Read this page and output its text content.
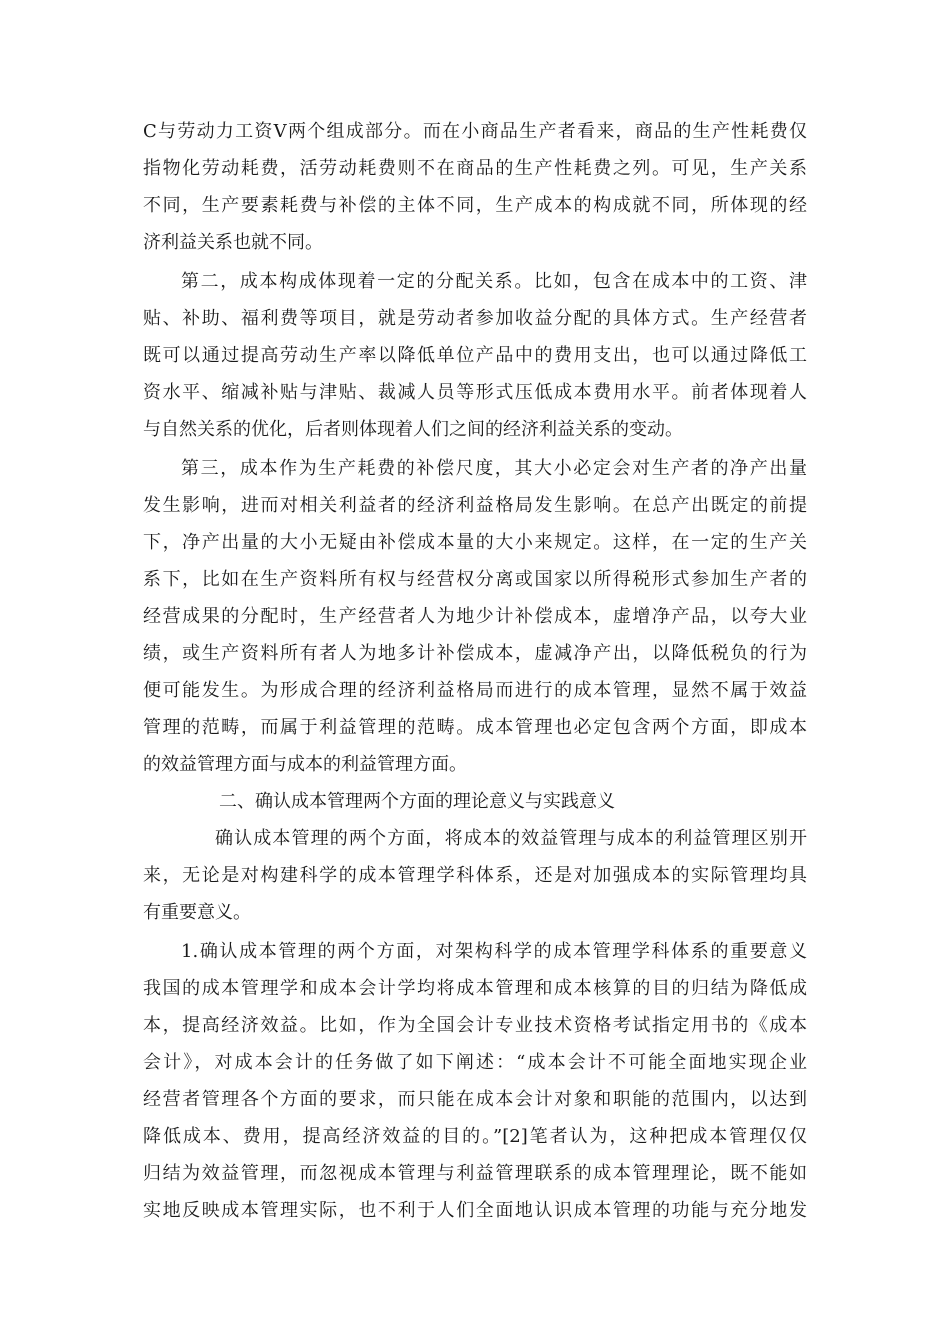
C与劳动力工资V两个组成部分。而在小商品生产者看来，商品的生产性耗费仅
指物化劳动耗费，活劳动耗费则不在商品的生产性耗费之列。可见，生产关系
不同，生产要素耗费与补偿的主体不同，生产成本的构成就不同，所体现的经
济利益关系也就不同。
第二，成本构成体现着一定的分配关系。比如，包含在成本中的工资、津
贴、补助、福利费等项目，就是劳动者参加收益分配的具体方式。生产经营者
既可以通过提高劳动生产率以降低单位产品中的费用支出，也可以通过降低工
资水平、缩减补贴与津贴、裁减人员等形式压低成本费用水平。前者体现着人
与自然关系的优化，后者则体现着人们之间的经济利益关系的变动。
第三，成本作为生产耗费的补偿尺度，其大小必定会对生产者的净产出量
发生影响，进而对相关利益者的经济利益格局发生影响。在总产出既定的前提
下，净产出量的大小无疑由补偿成本量的大小来规定。这样，在一定的生产关
系下，比如在生产资料所有权与经营权分离或国家以所得税形式参加生产者的
经营成果的分配时，生产经营者人为地少计补偿成本，虚增净产品，以夸大业
绩，或生产资料所有者人为地多计补偿成本，虚减净产出，以降低税负的行为
便可能发生。为形成合理的经济利益格局而进行的成本管理，显然不属于效益
管理的范畴，而属于利益管理的范畴。成本管理也必定包含两个方面，即成本
的效益管理方面与成本的利益管理方面。
二、确认成本管理两个方面的理论意义与实践意义
确认成本管理的两个方面，将成本的效益管理与成本的利益管理区别开
来，无论是对构建科学的成本管理学科体系，还是对加强成本的实际管理均具
有重要意义。
1.确认成本管理的两个方面，对架构科学的成本管理学科体系的重要意义
我国的成本管理学和成本会计学均将成本管理和成本核算的目的归结为降低成
本，提高经济效益。比如，作为全国会计专业技术资格考试指定用书的《成本
会计》，对成本会计的任务做了如下阐述：“成本会计不可能全面地实现企业
经营者管理各个方面的要求，而只能在成本会计对象和职能的范围内，以达到
降低成本、费用，提高经济效益的目的。”[2]笔者认为，这种把成本管理仅仅
归结为效益管理，而忽视成本管理与利益管理联系的成本管理理论，既不能如
实地反映成本管理实际，也不利于人们全面地认识成本管理的功能与充分地发
